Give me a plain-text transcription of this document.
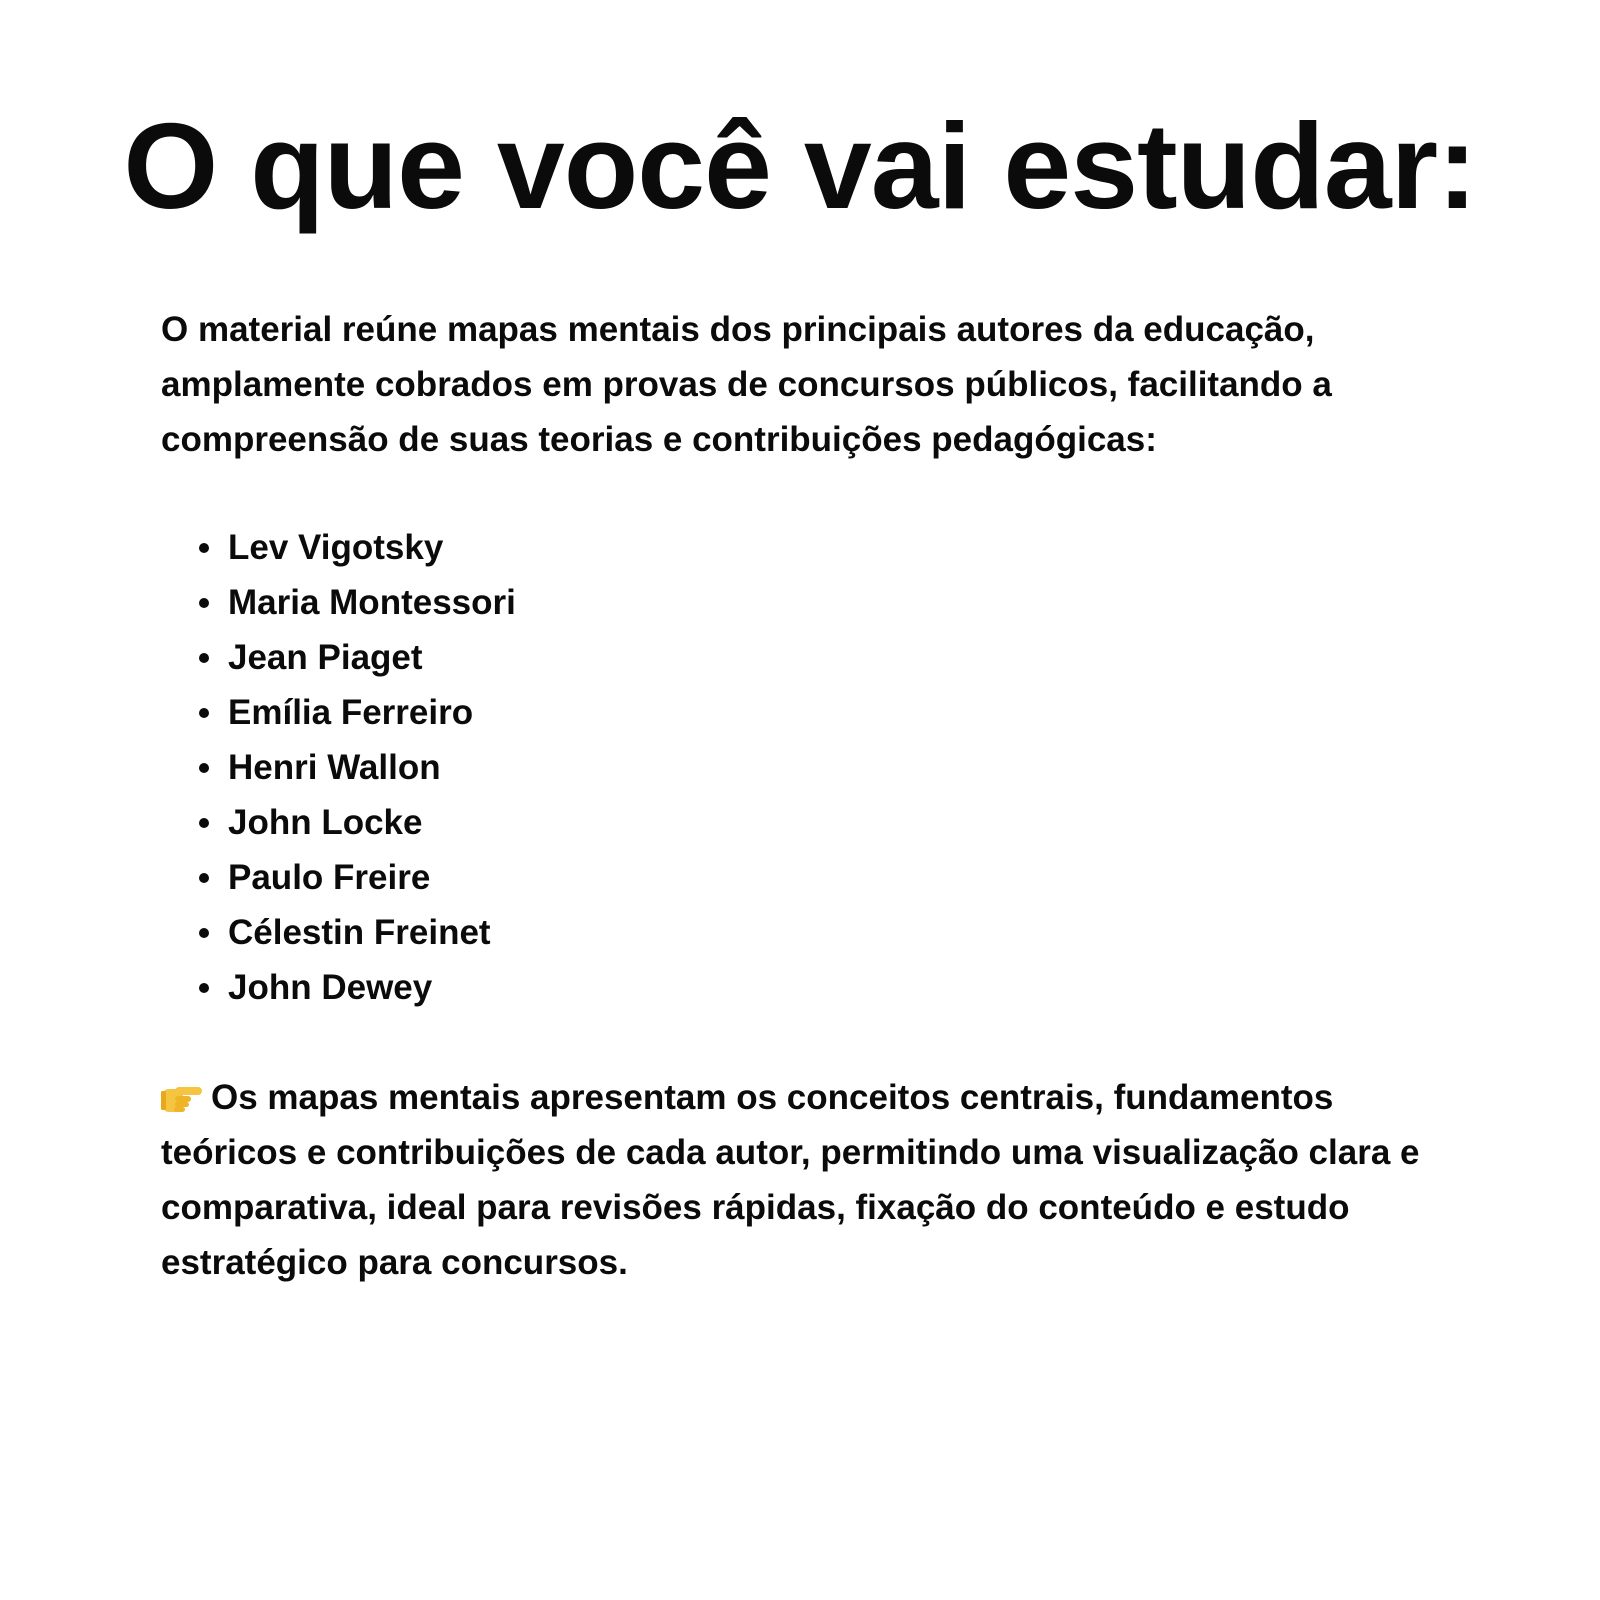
O que você vai estudar:

O material reúne mapas mentais dos principais autores da educação, amplamente cobrados em provas de concursos públicos, facilitando a compreensão de suas teorias e contribuições pedagógicas:

Lev Vigotsky
Maria Montessori
Jean Piaget
Emília Ferreiro
Henri Wallon
John Locke
Paulo Freire
Célestin Freinet
John Dewey

Os mapas mentais apresentam os conceitos centrais, fundamentos teóricos e contribuições de cada autor, permitindo uma visualização clara e comparativa, ideal para revisões rápidas, fixação do conteúdo e estudo estratégico para concursos.
